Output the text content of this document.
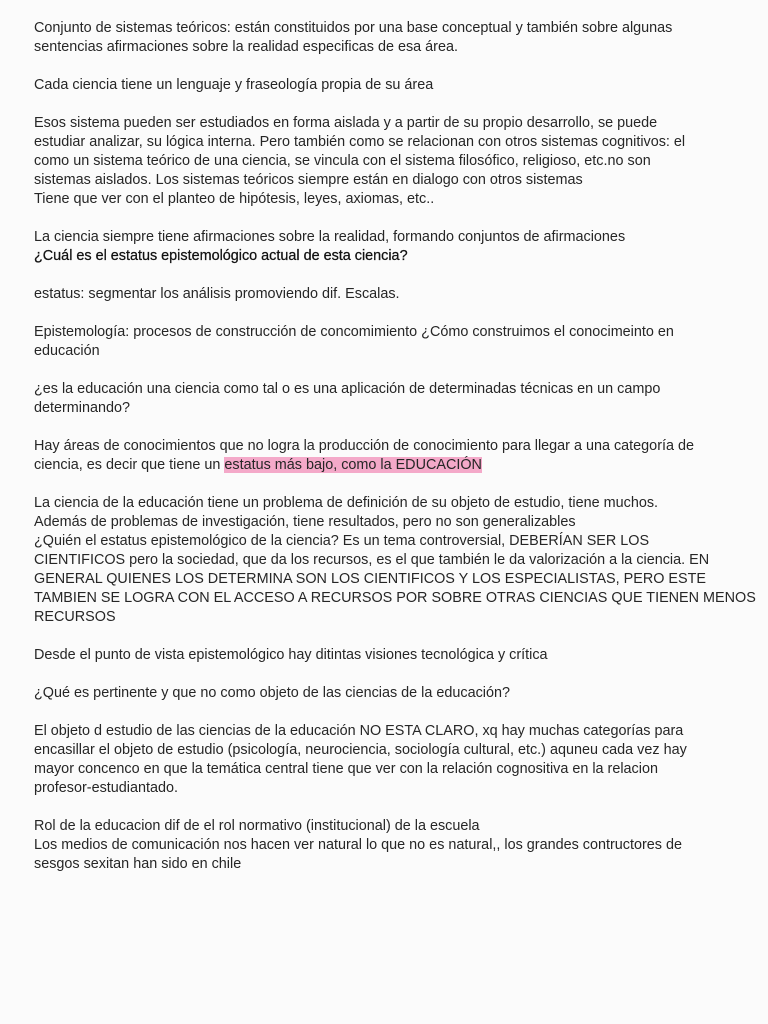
Conjunto de sistemas teóricos: están constituidos por una base conceptual y también sobre algunas
sentencias afirmaciones sobre la realidad especificas de esa área.
Cada ciencia tiene un lenguaje y fraseología propia de su área
Esos sistema pueden ser estudiados en forma aislada y a partir de su propio desarrollo, se puede
estudiar analizar, su lógica interna. Pero también como se relacionan con otros sistemas cognitivos: el
como un sistema teórico de una ciencia, se vincula con el sistema filosófico, religioso, etc.no son
sistemas aislados. Los sistemas teóricos siempre están en dialogo con otros sistemas
Tiene que ver con el planteo de hipótesis, leyes, axiomas, etc..
La ciencia siempre tiene afirmaciones sobre la realidad, formando conjuntos de afirmaciones
¿Cuál es el estatus epistemológico actual de esta ciencia?
estatus: segmentar los análisis promoviendo dif. Escalas.
Epistemología: procesos de construcción de concomimiento ¿Cómo construimos el conocimeinto en
educación
¿es la educación una ciencia como tal o es una aplicación de determinadas técnicas en un campo
determinando?
Hay áreas de conocimientos que no logra la producción de conocimiento para llegar a una categoría de
ciencia, es decir que tiene un estatus más bajo, como la EDUCACIÓN
La ciencia de la educación tiene un problema de definición de su objeto de estudio, tiene muchos.
Además de problemas de investigación, tiene resultados, pero no son generalizables
¿Quién el estatus epistemológico de la ciencia? Es un tema controversial, DEBERÍAN SER LOS
CIENTIFICOS pero la sociedad, que da los recursos, es el que también le da valorización a la ciencia. EN
GENERAL QUIENES LOS DETERMINA SON LOS CIENTIFICOS Y LOS ESPECIALISTAS, PERO ESTE
TAMBIEN SE LOGRA CON EL ACCESO A RECURSOS POR SOBRE OTRAS CIENCIAS QUE TIENEN MENOS
RECURSOS
Desde el punto de vista epistemológico hay ditintas visiones tecnológica y crítica
¿Qué es pertinente y que no como objeto de las ciencias de la educación?
El objeto d estudio de las ciencias de la educación NO ESTA CLARO, xq hay muchas categorías para
encasillar el objeto de estudio (psicología, neurociencia, sociología cultural, etc.) aquneu cada vez hay
mayor concenco en que la temática central tiene que ver con la relación cognositiva en la relacion
profesor-estudiantado.
Rol de la educacion dif de el rol normativo (institucional) de la escuela
Los medios de comunicación nos hacen ver natural lo que no es natural,, los grandes contructores de
sesgos sexitan han sido en chile
